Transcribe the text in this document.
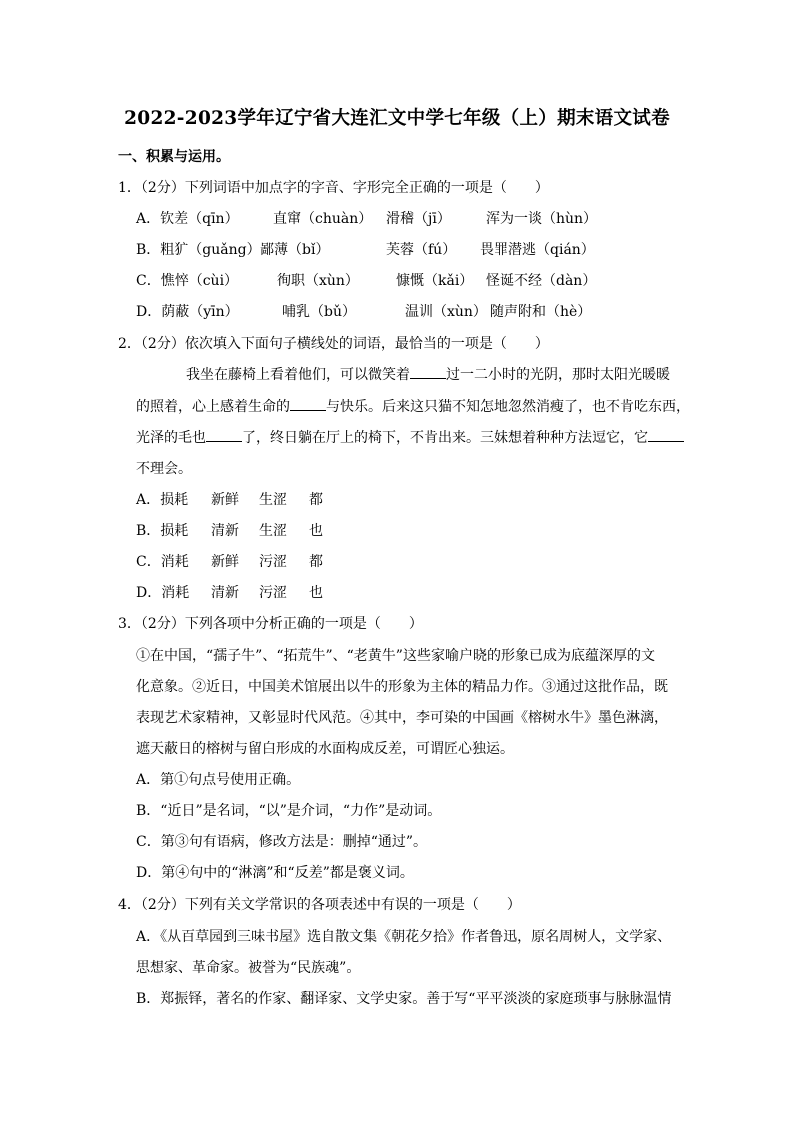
2022-2023学年辽宁省大连汇文中学七年级（上）期末语文试卷
一、积累与运用。
1．（2分）下列词语中加点字的字音、字形完全正确的一项是（　　）
A．钦差（qīn） 直窜（chuàn） 滑稽（jī）	浑为一谈（hùn）
B．粗犷（guǎng） 鄙薄（bǐ）	芙蓉（fú） 畏罪潜逃（qián）
C．憔悴（cùi）	徇职（xùn）	慷慨（kǎi） 怪诞不经（dàn）
D．荫蔽（yīn）	哺乳（bǔ）	温训（xùn） 随声附和（hè）
2．（2分）依次填入下面句子横线处的词语，最恰当的一项是（　　）
我坐在藤椅上看着他们，可以微笑着	过一二小时的光阴，那时太阳光暖暖
的照着，心上感着生命的	与快乐。后来这只猫不知怎地忽然消瘦了，也不肯吃东西，
光泽的毛也	了，终日躺在厅上的椅下，不肯出来。三妹想着种种方法逗它，它
不理会。
A．损耗 新鲜 生涩 都
B．损耗 清新 生涩 也
C．消耗 新鲜 污涩 都
D．消耗 清新 污涩 也
3．（2分）下列各项中分析正确的一项是（　　）
①在中国，“孺子牛”、“拓荒牛”、“老黄牛”这些家喻户晓的形象已成为底蕴深厚的文
化意象。②近日，中国美术馆展出以牛的形象为主体的精品力作。③通过这批作品，既
表现艺术家精神，又彰显时代风范。④其中，李可染的中国画《榕树水牛》墨色淋漓，
遮天蔽日的榕树与留白形成的水面构成反差，可谓匠心独运。
A．第①句点号使用正确。
B．“近日”是名词，“以”是介词，“力作”是动词。
C．第③句有语病，修改方法是：删掉“通过”。
D．第④句中的“淋漓”和“反差”都是褒义词。
4．（2分）下列有关文学常识的各项表述中有误的一项是（　　）
A．《从百草园到三味书屋》选自散文集《朝花夕拾》作者鲁迅，原名周树人，文学家、
思想家、革命家。被誉为“民族魂”。
B．郑振铎，著名的作家、翻译家、文学史家。善于写“平平淡淡的家庭琐事与脉脉温情
